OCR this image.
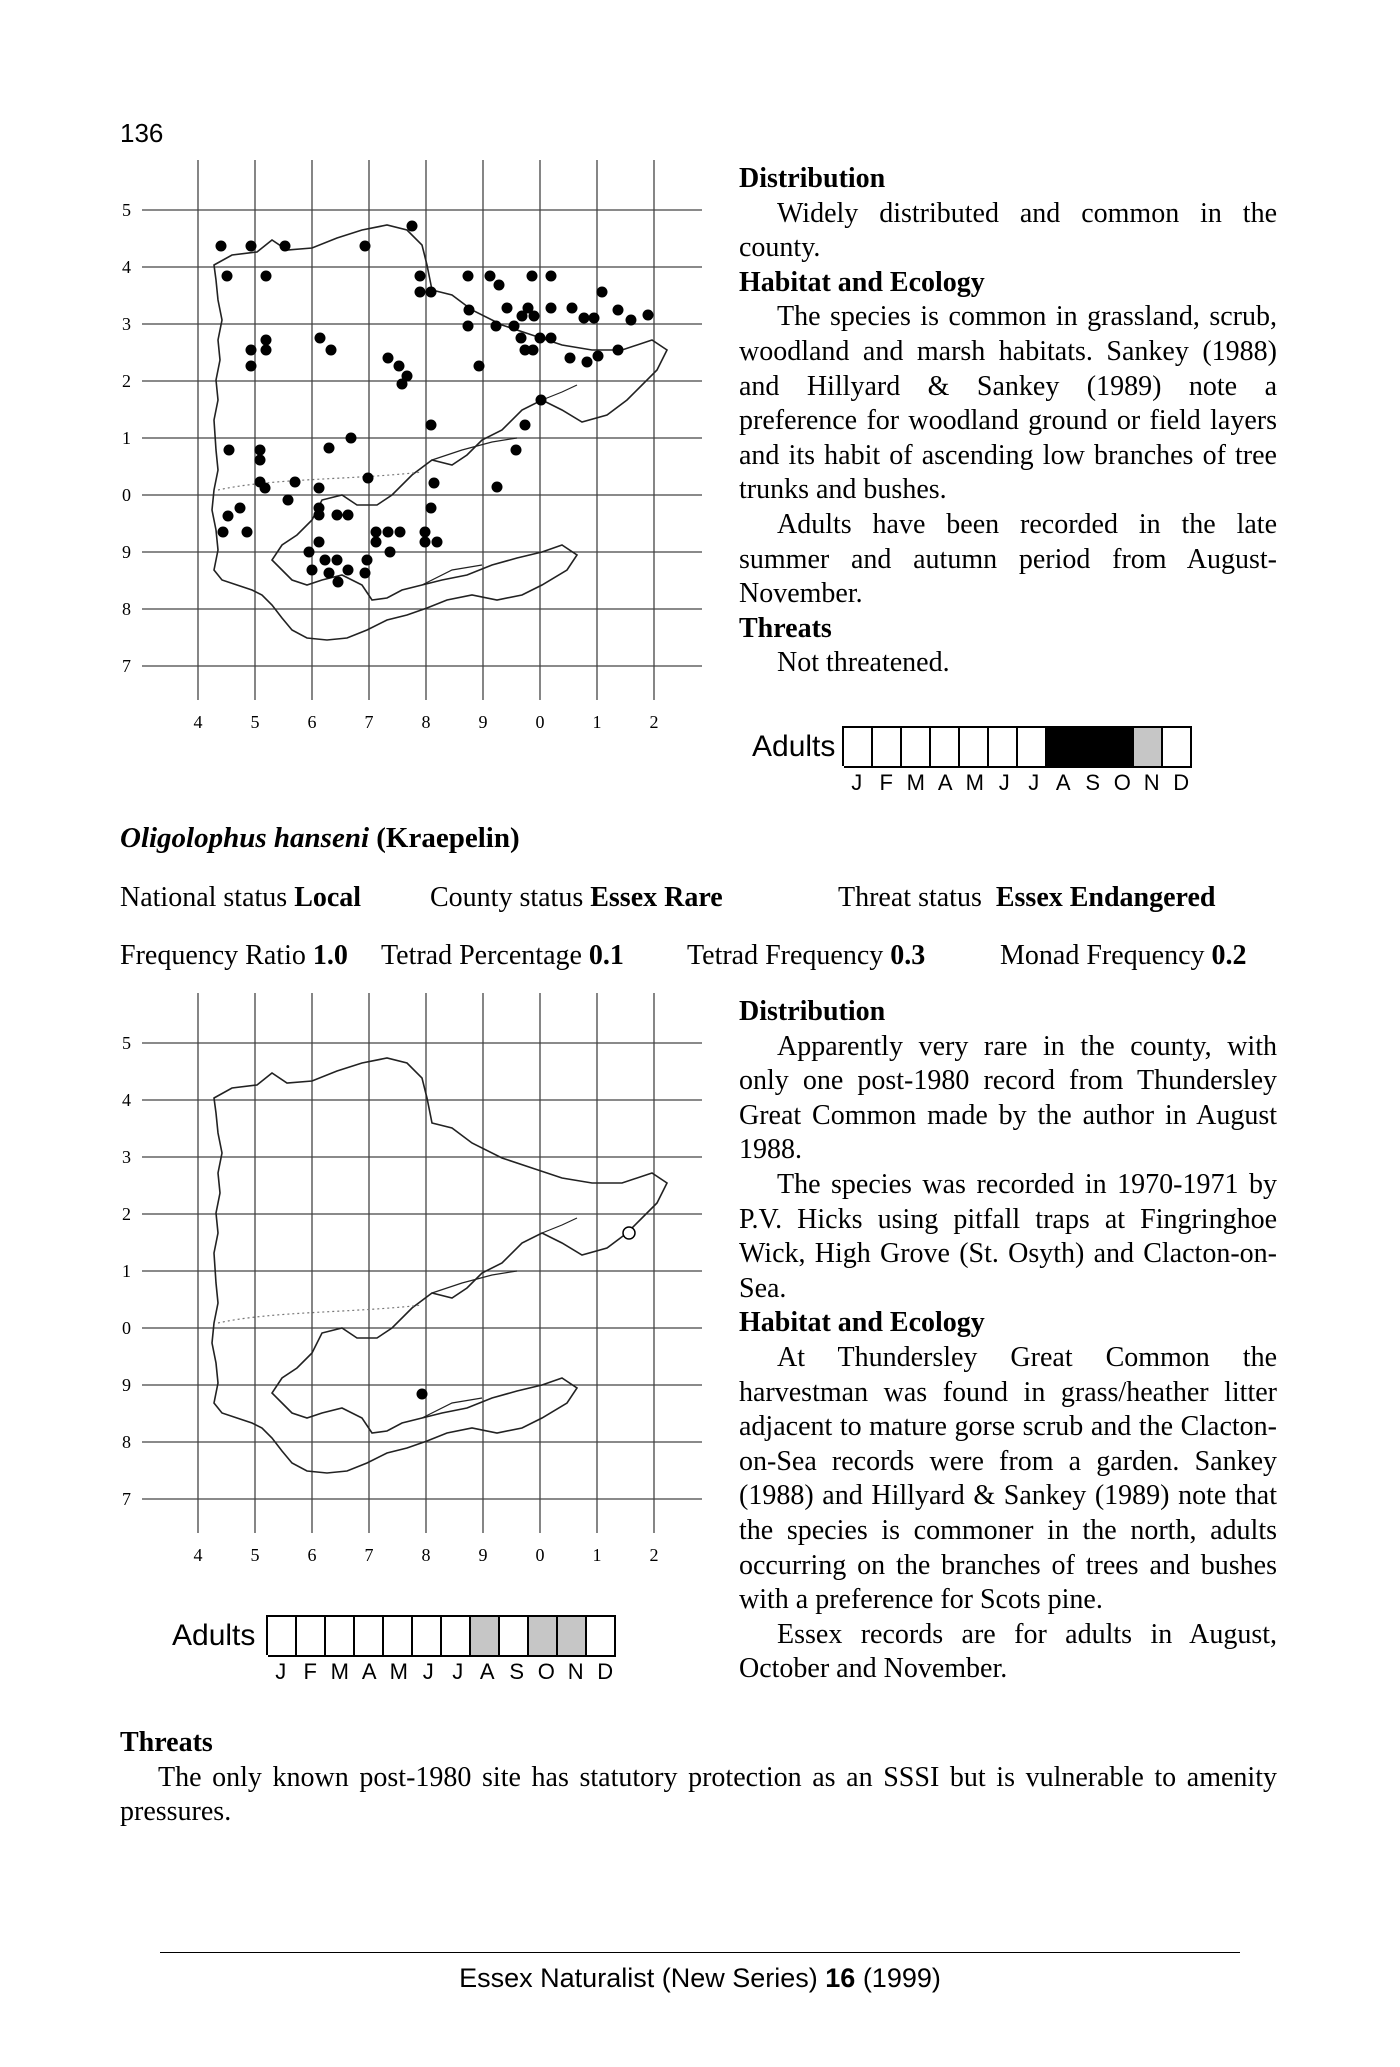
136
5
4
3
2
1
0
9
8
7
4	5	6	7	8	9	0	1	2

Distribution

Widely distributed and common in the county.

Habitat and Ecology

The species is common in grassland, scrub, woodland and marsh habitats. Sankey (1988) and Hillyard & Sankey (1989) note a preference for woodland ground or field layers and its habit of ascending low branches of tree trunks and bushes.

Adults have been recorded in the late summer and autumn period from August-November.

Threats

Not threatened.

Adults
J F M A M J J A S O N D
Oligolophus hanseni (Kraepelin)
National status Local County status Essex Rare	Threat status Essex Endangered
Frequency Ratio 1.0 Tetrad Percentage 0.1 Tetrad Frequency 0.3	Monad Frequency 0.2
5
4
3
2
1
0
9
8
7
4	5	6	7	8	9	0	1	2

Distribution

Apparently very rare in the county, with only one post-1980 record from Thundersley Great Common made by the author in August 1988.

The species was recorded in 1970-1971 by P.V. Hicks using pitfall traps at Fingringhoe Wick, High Grove (St. Osyth) and Clacton-on-Sea.

Habitat and Ecology

At Thundersley Great Common the harvestman was found in grass/heather litter adjacent to mature gorse scrub and the Clacton-on-Sea records were from a garden. Sankey (1988) and Hillyard & Sankey (1989) note that the species is commoner in the north, adults occurring on the branches of trees and bushes with a preference for Scots pine.

Essex records are for adults in August, October and November.

Adults
J F M A M J J A S O N D

Threats

The only known post-1980 site has statutory protection as an SSSI but is vulnerable to amenity pressures.

Essex Naturalist (New Series) 16 (1999)
